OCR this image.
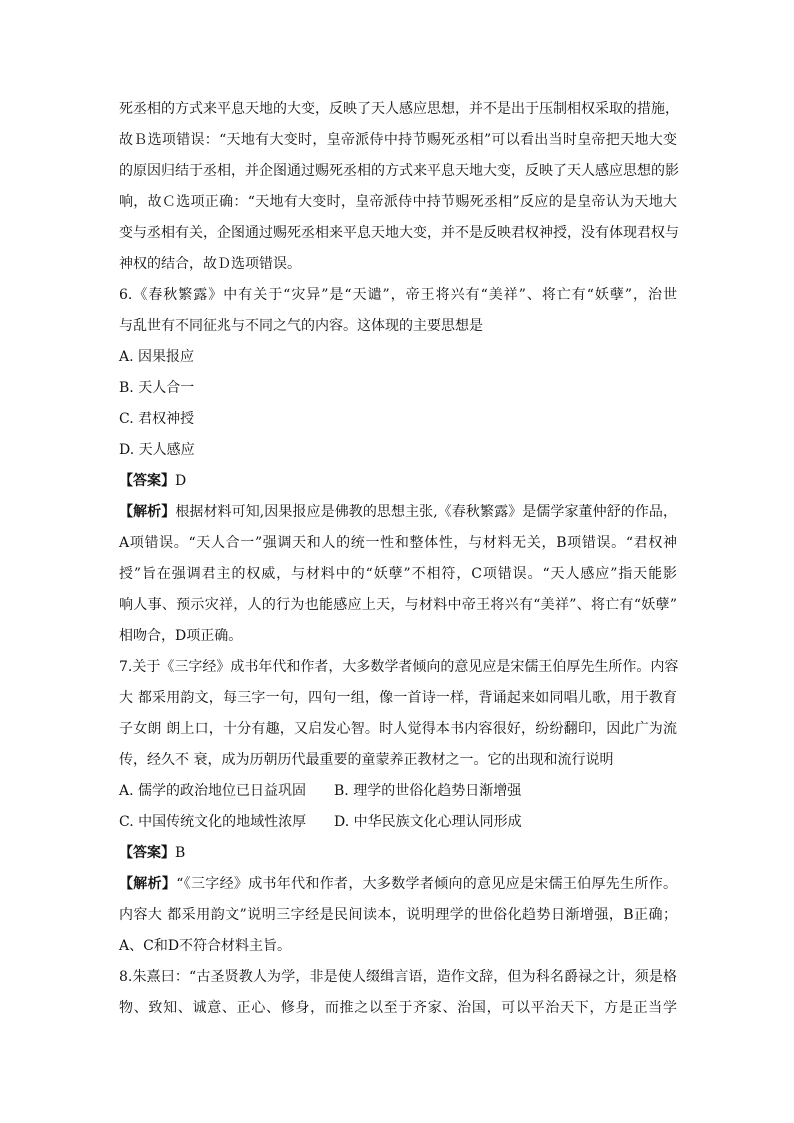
死丞相的方式来平息天地的大变，反映了天人感应思想，并不是出于压制相权采取的措施，
故Ｂ选项错误：“天地有大变时，皇帝派侍中持节赐死丞相”可以看出当时皇帝把天地大变
的原因归结于丞相，并企图通过赐死丞相的方式来平息天地大变，反映了天人感应思想的影
响，故Ｃ选项正确：“天地有大变时，皇帝派侍中持节赐死丞相”反应的是皇帝认为天地大
变与丞相有关，企图通过赐死丞相来平息天地大变，并不是反映君权神授，没有体现君权与
神权的结合，故Ｄ选项错误。
6.《春秋繁露》中有关于“灾异”是“天谴”，帝王将兴有“美祥”、将亡有“妖孽”，治世
与乱世有不同征兆与不同之气的内容。这体现的主要思想是
A. 因果报应
B. 天人合一
C. 君权神授
D. 天人感应
【答案】D
【解析】根据材料可知,因果报应是佛教的思想主张,《春秋繁露》是儒学家董仲舒的作品，
A项错误。“天人合一”强调天和人的统一性和整体性，与材料无关，B项错误。“君权神
授”旨在强调君主的权威，与材料中的“妖孽”不相符，C项错误。“天人感应”指天能影
响人事、预示灾祥，人的行为也能感应上天，与材料中帝王将兴有“美祥”、将亡有“妖孽”
相吻合，D项正确。
7.关于《三字经》成书年代和作者，大多数学者倾向的意见应是宋儒王伯厚先生所作。内容
大 都采用韵文，每三字一句，四句一组，像一首诗一样，背诵起来如同唱儿歌，用于教育
子女朗 朗上口，十分有趣，又启发心智。时人觉得本书内容很好，纷纷翻印，因此广为流
传，经久不 衰，成为历朝历代最重要的童蒙养正教材之一。它的出现和流行说明
A. 儒学的政治地位已日益巩固 B. 理学的世俗化趋势日渐增强
C. 中国传统文化的地域性浓厚 D. 中华民族文化心理认同形成
【答案】B
【解析】“《三字经》成书年代和作者，大多数学者倾向的意见应是宋儒王伯厚先生所作。
内容大 都采用韵文”说明三字经是民间读本，说明理学的世俗化趋势日渐增强，B正确；
A、C和D不符合材料主旨。
8.朱熹曰：“古圣贤教人为学，非是使人缀缉言语，造作文辞，但为科名爵禄之计，须是格
物、致知、诚意、正心、修身，而推之以至于齐家、治国，可以平治天下，方是正当学
